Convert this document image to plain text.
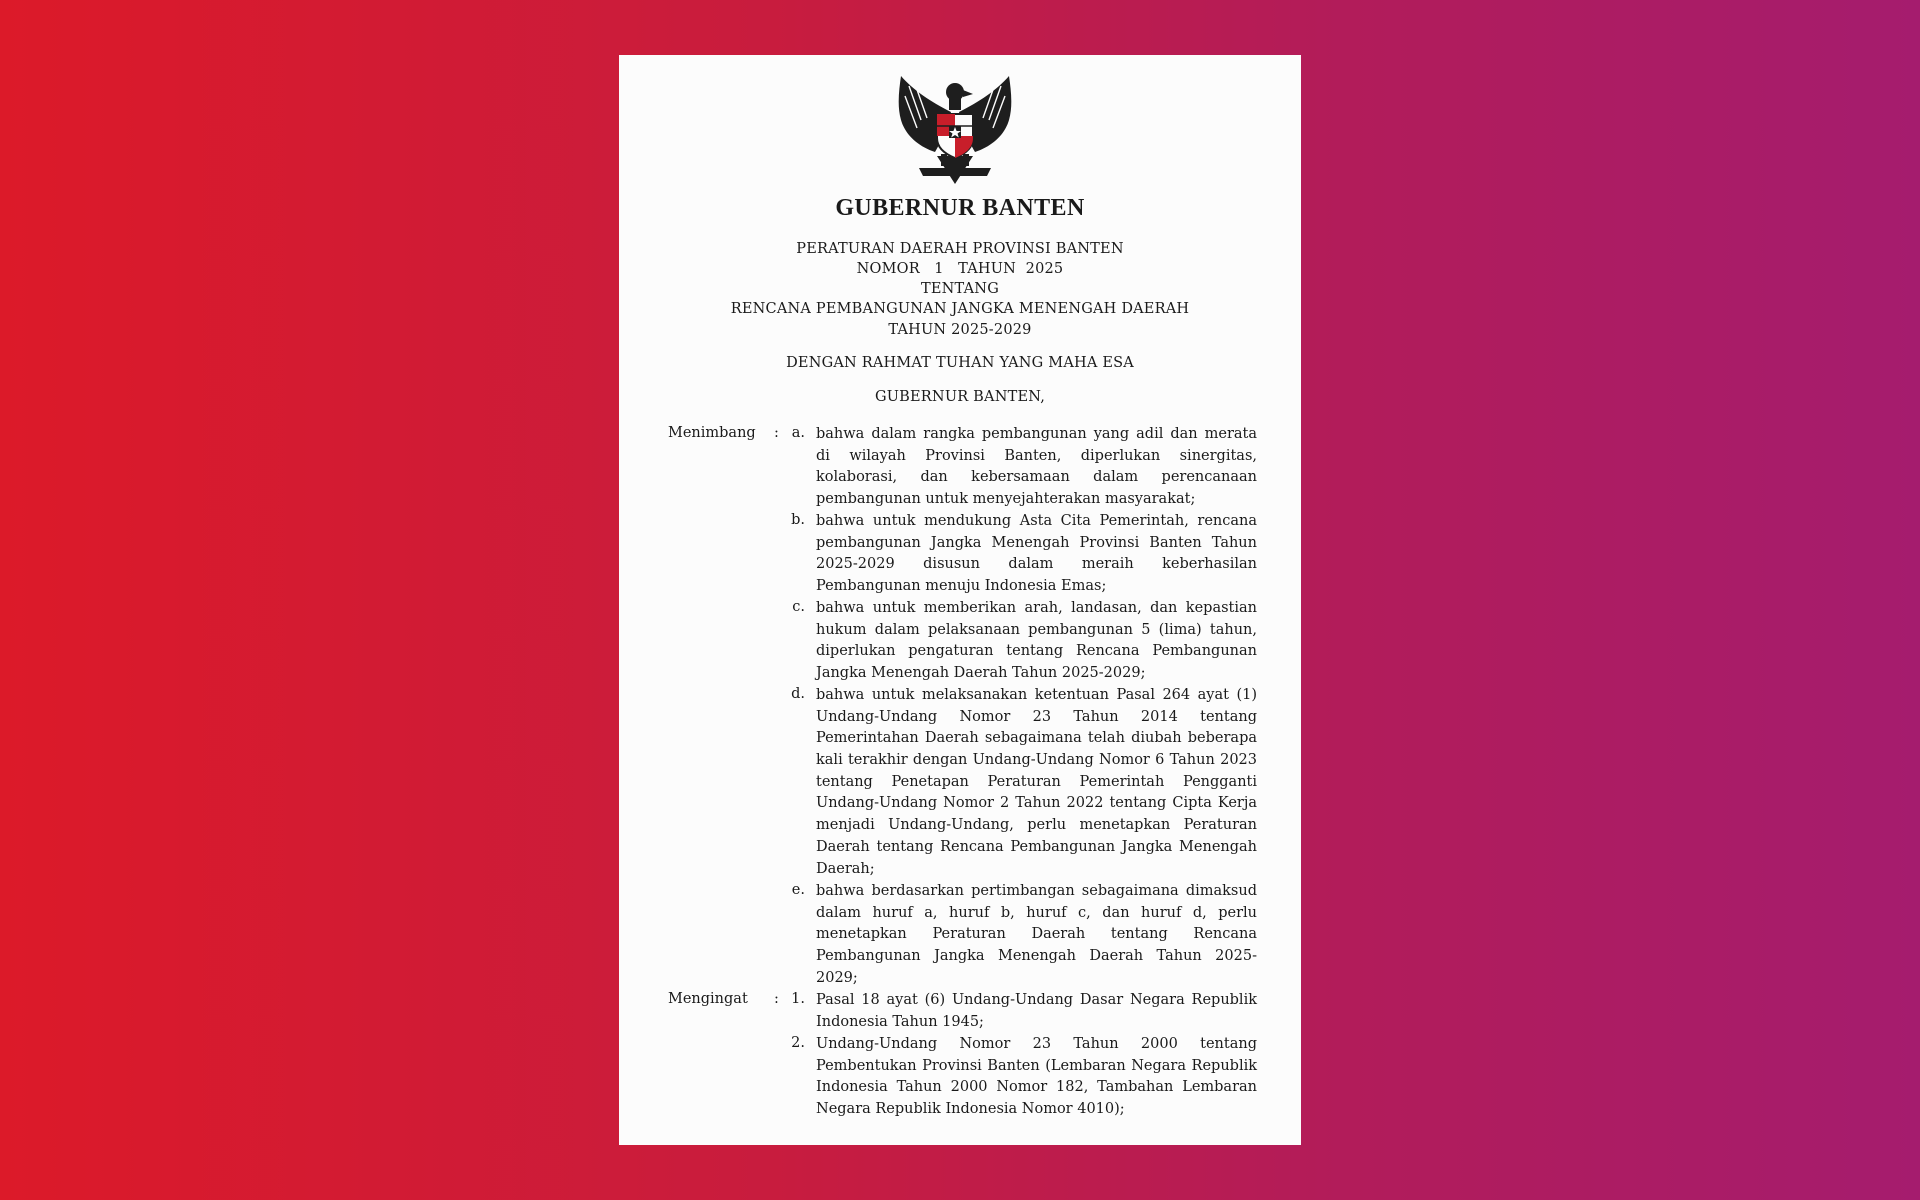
GUBERNUR BANTEN
PERATURAN DAERAH PROVINSI BANTEN
NOMOR   1   TAHUN  2025
TENTANG
RENCANA PEMBANGUNAN JANGKA MENENGAH DAERAH
TAHUN 2025-2029
DENGAN RAHMAT TUHAN YANG MAHA ESA
GUBERNUR BANTEN,
Menimbang : a. bahwa dalam rangka pembangunan yang adil dan merata
di wilayah Provinsi Banten, diperlukan sinergitas,
kolaborasi, dan kebersamaan dalam perencanaan
pembangunan untuk menyejahterakan masyarakat;
b. bahwa untuk mendukung Asta Cita Pemerintah, rencana
pembangunan Jangka Menengah Provinsi Banten Tahun
2025-2029 disusun dalam meraih keberhasilan
Pembangunan menuju Indonesia Emas;
c. bahwa untuk memberikan arah, landasan, dan kepastian
hukum dalam pelaksanaan pembangunan 5 (lima) tahun,
diperlukan pengaturan tentang Rencana Pembangunan
Jangka Menengah Daerah Tahun 2025-2029;
d. bahwa untuk melaksanakan ketentuan Pasal 264 ayat (1)
Undang-Undang Nomor 23 Tahun 2014 tentang
Pemerintahan Daerah sebagaimana telah diubah beberapa
kali terakhir dengan Undang-Undang Nomor 6 Tahun 2023
tentang Penetapan Peraturan Pemerintah Pengganti
Undang-Undang Nomor 2 Tahun 2022 tentang Cipta Kerja
menjadi Undang-Undang, perlu menetapkan Peraturan
Daerah tentang Rencana Pembangunan Jangka Menengah
Daerah;
e. bahwa berdasarkan pertimbangan sebagaimana dimaksud
dalam huruf a, huruf b, huruf c, dan huruf d, perlu
menetapkan Peraturan Daerah tentang Rencana
Pembangunan Jangka Menengah Daerah Tahun 2025-
2029;
Mengingat : 1. Pasal 18 ayat (6) Undang-Undang Dasar Negara Republik
Indonesia Tahun 1945;
2. Undang-Undang Nomor 23 Tahun 2000 tentang
Pembentukan Provinsi Banten (Lembaran Negara Republik
Indonesia Tahun 2000 Nomor 182, Tambahan Lembaran
Negara Republik Indonesia Nomor 4010);
